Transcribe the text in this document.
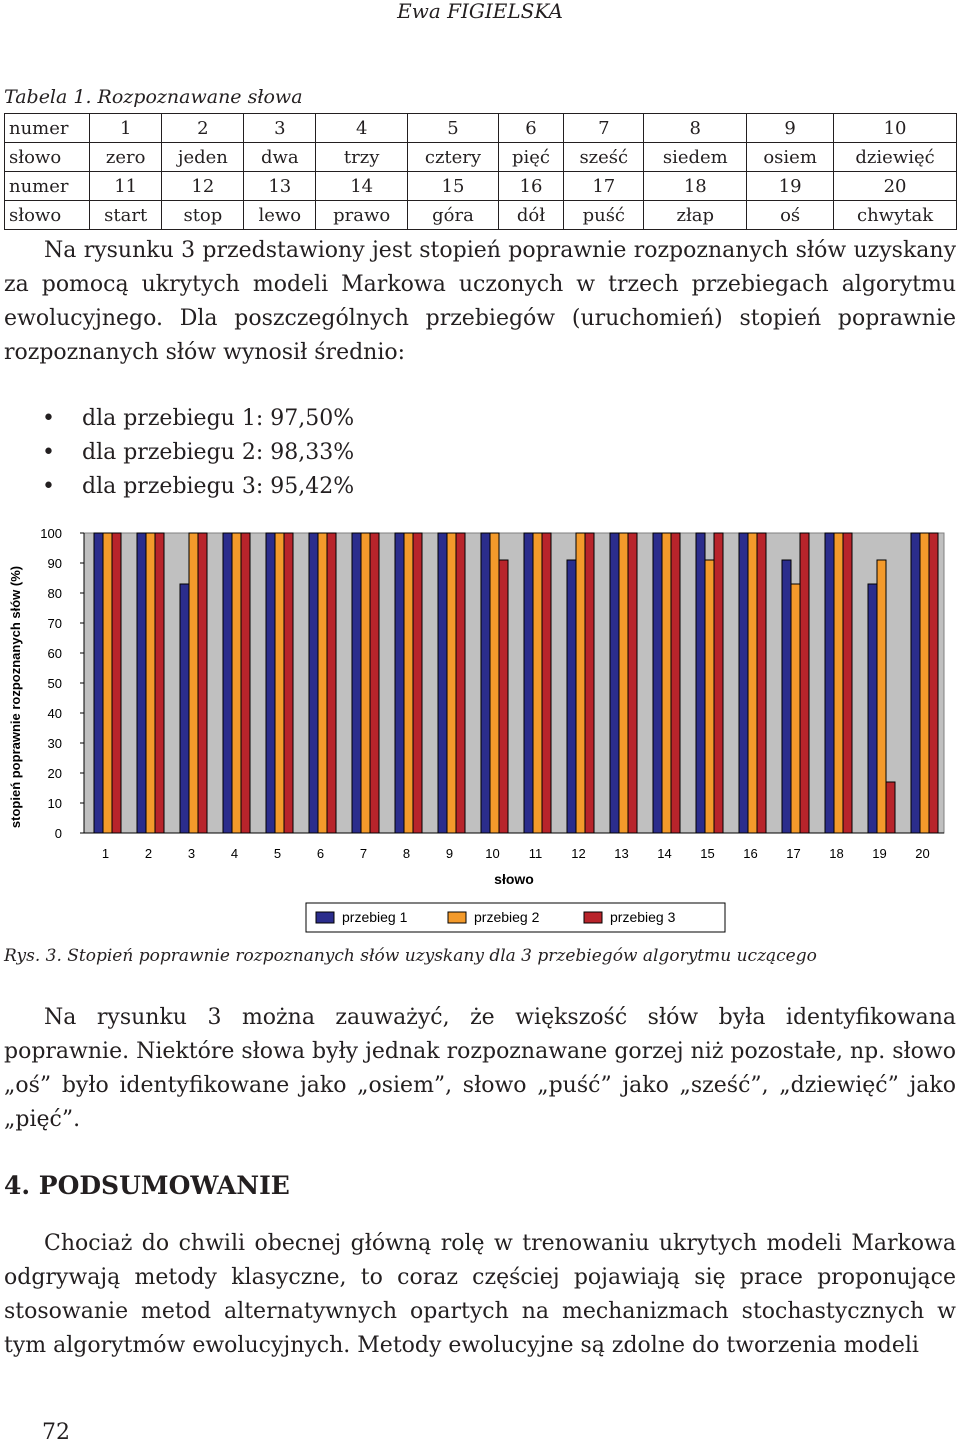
Ewa FIGIELSKA
Tabela 1. Rozpoznawane słowa
numer	1	2	3	4	5	6	7	8	9	10
słowo	zero	jeden	dwa	trzy	cztery	pięć	sześć	siedem	osiem	dziewięć
numer	11	12	13	14	15	16	17	18	19	20
słowo	start	stop	lewo	prawo	góra	dół	puść	złap	oś	chwytak

Na rysunku 3 przedstawiony jest stopień poprawnie rozpoznanych słów uzyskany za pomocą ukrytych modeli Markowa uczonych w trzech przebiegach algorytmu ewolucyjnego. Dla poszczególnych przebiegów (uruchomień) stopień poprawnie rozpoznanych słów wynosił średnio:

• dla przebiegu 1: 97,50%
• dla przebiegu 2: 98,33%
• dla przebiegu 3: 95,42%
0
10
20
30
40
50
60
70
80
90
100
1	2	3	4	5	6	7	8	9 10 11 12 13 14 15 16 17 18 19 20
słowo
stopień poprawnie rozpoznanych słów (%)
przebieg 1	przebieg 2	przebieg 3
Rys. 3. Stopień poprawnie rozpoznanych słów uzyskany dla 3 przebiegów algorytmu uczącego

Na rysunku 3 można zauważyć, że większość słów była identyfikowana poprawnie. Niektóre słowa były jednak rozpoznawane gorzej niż pozostałe, np. słowo „oś” było identyfikowane jako „osiem”, słowo „puść” jako „sześć”, „dziewięć” jako „pięć”.

4. PODSUMOWANIE

Chociaż do chwili obecnej główną rolę w trenowaniu ukrytych modeli Markowa odgrywają metody klasyczne, to coraz częściej pojawiają się prace proponujące stosowanie metod alternatywnych opartych na mechanizmach stochastycznych w tym algorytmów ewolucyjnych. Metody ewolucyjne są zdolne do tworzenia modeli

72
